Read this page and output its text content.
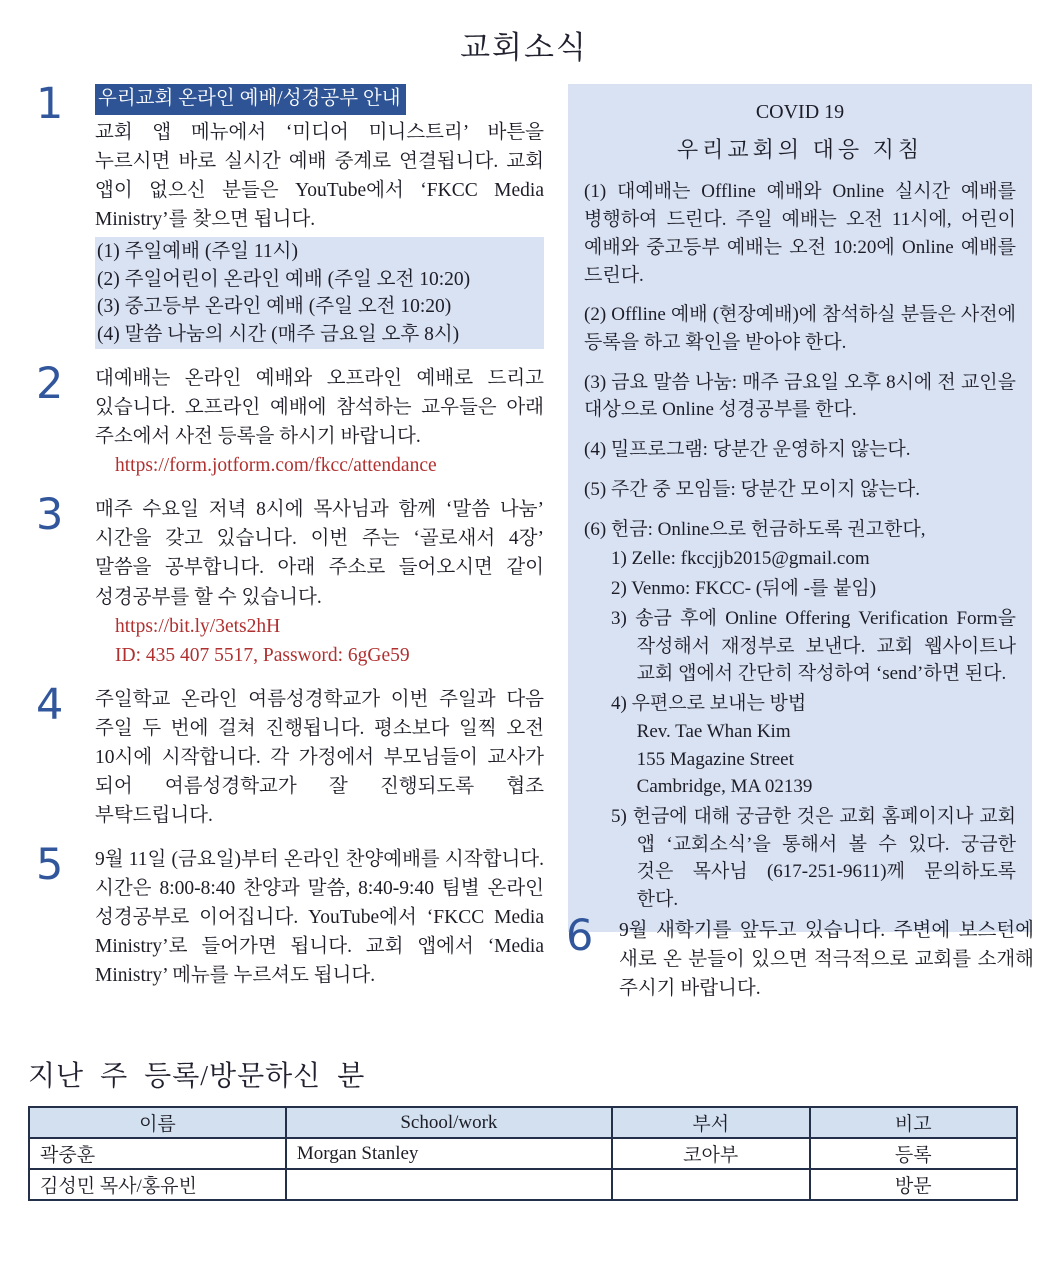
교회소식
1	우리교회 온라인 예배/성경공부 안내
교회 앱 메뉴에서 ‘미디어 미니스트리’ 바튼을 누르시면 바로 실시간 예배 중계로 연결됩니다. 교회 앱이 없으신 분들은 YouTube에서 ‘FKCC Media Ministry’를 찾으면 됩니다.
(1) 주일예배 (주일 11시)
(2) 주일어린이 온라인 예배 (주일 오전 10:20)
(3) 중고등부 온라인 예배 (주일 오전 10:20)
(4) 말씀 나눔의 시간 (매주 금요일 오후 8시)
2	대예배는 온라인 예배와 오프라인 예배로 드리고 있습니다. 오프라인 예배에 참석하는 교우들은 아래 주소에서 사전 등록을 하시기 바랍니다.
https://form.jotform.com/fkcc/attendance
3	매주 수요일 저녁 8시에 목사님과 함께 ‘말씀 나눔’ 시간을 갖고 있습니다. 이번 주는 ‘골로새서 4장’ 말씀을 공부합니다. 아래 주소로 들어오시면 같이 성경공부를 할 수 있습니다.
https://bit.ly/3ets2hH
ID: 435 407 5517, Password: 6gGe59
4	주일학교 온라인 여름성경학교가 이번 주일과 다음 주일 두 번에 걸쳐 진행됩니다. 평소보다 일찍 오전 10시에 시작합니다. 각 가정에서 부모님들이 교사가 되어 여름성경학교가 잘 진행되도록 협조 부탁드립니다.
5	9월 11일 (금요일)부터 온라인 찬양예배를 시작합니다. 시간은 8:00-8:40 찬양과 말씀, 8:40-9:40 팀별 온라인 성경공부로 이어집니다. YouTube에서 ‘FKCC Media Ministry’로 들어가면 됩니다. 교회 앱에서 ‘Media Ministry’ 메뉴를 누르셔도 됩니다.

COVID 19

우리교회의 대응 지침

(1) 대예배는 Offline 예배와 Online 실시간 예배를 병행하여 드린다. 주일 예배는 오전 11시에, 어린이 예배와 중고등부 예배는 오전 10:20에 Online 예배를 드린다.

(2) Offline 예배 (현장예배)에 참석하실 분들은 사전에 등록을 하고 확인을 받아야 한다.

(3) 금요 말씀 나눔: 매주 금요일 오후 8시에 전 교인을 대상으로 Online 성경공부를 한다.

(4) 밀프로그램: 당분간 운영하지 않는다.

(5) 주간 중 모임들: 당분간 모이지 않는다.

(6) 헌금: Online으로 헌금하도록 권고한다,

1) Zelle: fkccjjb2015@gmail.com
2) Venmo: FKCC- (뒤에 -를 붙임)
3) 송금 후에 Online Offering Verification Form을 작성해서 재정부로 보낸다. 교회 웹사이트나 교회 앱에서 간단히 작성하여 ‘send’하면 된다.
4) 우편으로 보내는 방법
Rev. Tae Whan Kim
155 Magazine Street
Cambridge, MA 02139
5) 헌금에 대해 궁금한 것은 교회 홈페이지나 교회 앱 ‘교회소식’을 통해서 볼 수 있다. 궁금한 것은 목사님 (617-251-9611)께 문의하도록 한다.
6	9월 새학기를 앞두고 있습니다. 주변에 보스턴에 새로 온 분들이 있으면 적극적으로 교회를 소개해 주시기 바랍니다.
지난 주 등록/방문하신 분
이름	School/work	부서	비고
곽중훈	Morgan Stanley	코아부	등록
김성민 목사/홍유빈			방문
